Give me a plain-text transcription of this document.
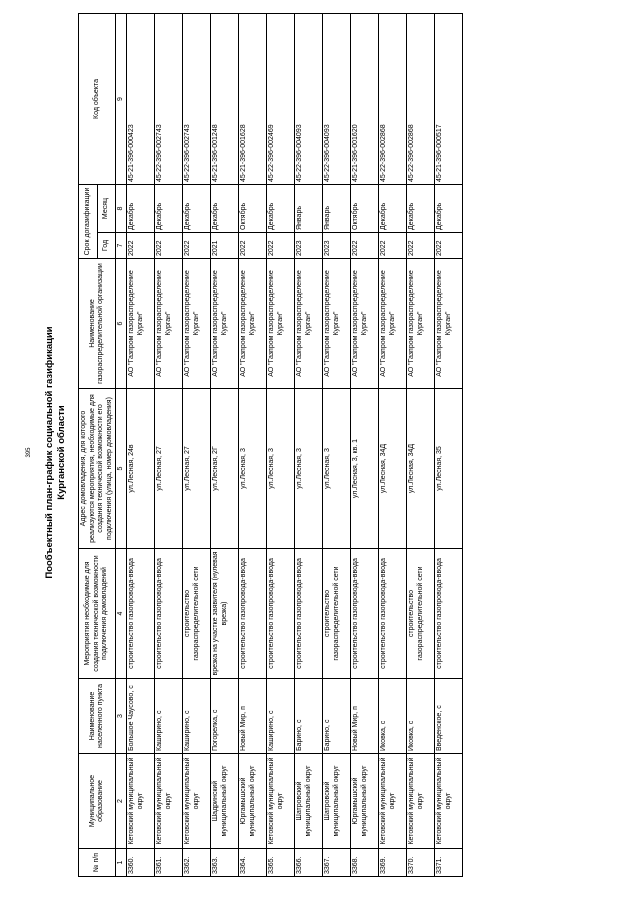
395 Пообъектный план-график социальной газификации Курганской области
№ п/п	Муниципальное образование	Наименование населенного пункта	Мероприятия необходимые для создания технической возможности подключения домовладений	Адрес домовладения, для которого реализуются мероприятия, необходимые для создания технической возможности его подключения (улица, номер домовладения)	Наименование газораспределительной организации	Срок догазификации		Код объекта
						Год	Месяц	
1	2	3	4	5	6	7	8	9
3360.	Кетовский муниципальный округ	Большое Чаусово, с	строительство газопровода-ввода	ул.Лесная, 24в	АО "Газпром газораспределение Курган"	2022	Декабрь	45-21-396-000423
3361.	Кетовский муниципальный округ	Каширино, с	строительство газопровода-ввода	ул.Лесная, 27	АО "Газпром газораспределение Курган"	2022	Декабрь	45-22-396-002743
3362.	Кетовский муниципальный округ	Каширино, с	строительство газораспределительной сети	ул.Лесная, 27	АО "Газпром газораспределение Курган"	2022	Декабрь	45-22-396-002743
3363.	Шадринский муниципальный округ	Погорелка, с	врезка на участке заявителя (нулевая врезка)	ул.Лесная, 2Г	АО "Газпром газораспределение Курган"	2021	Декабрь	45-21-396-001248
3364.	Юргамышский муниципальный округ	Новый Мир, п	строительство газопровода-ввода	ул.Лесная, 3	АО "Газпром газораспределение Курган"	2022	Октябрь	45-21-396-001628
3365.	Кетовский муниципальный округ	Каширино, с	строительство газопровода-ввода	ул.Лесная, 3	АО "Газпром газораспределение Курган"	2022	Декабрь	45-22-396-002469
3366.	Шатровский муниципальный округ	Барино, с	строительство газопровода-ввода	ул.Лесная, 3	АО "Газпром газораспределение Курган"	2023	Январь	45-22-396-004093
3367.	Шатровский муниципальный округ	Барино, с	строительство газораспределительной сети	ул.Лесная, 3	АО "Газпром газораспределение Курган"	2023	Январь	45-22-396-004093
3368.	Юргамышский муниципальный округ	Новый Мир, п	строительство газопровода-ввода	ул.Лесная, 3, кв. 1	АО "Газпром газораспределение Курган"	2022	Октябрь	45-21-396-001620
3369.	Кетовский муниципальный округ	Иковка, с	строительство газопровода-ввода	ул.Лесная, 34Д	АО "Газпром газораспределение Курган"	2022	Декабрь	45-22-396-002868
3370.	Кетовский муниципальный округ	Иковка, с	строительство газораспределительной сети	ул.Лесная, 34Д	АО "Газпром газораспределение Курган"	2022	Декабрь	45-22-396-002868
3371.	Кетовский муниципальный округ	Введенское, с	строительство газопровода-ввода	ул.Лесная, 35	АО "Газпром газораспределение Курган"	2022	Декабрь	45-21-396-000517
